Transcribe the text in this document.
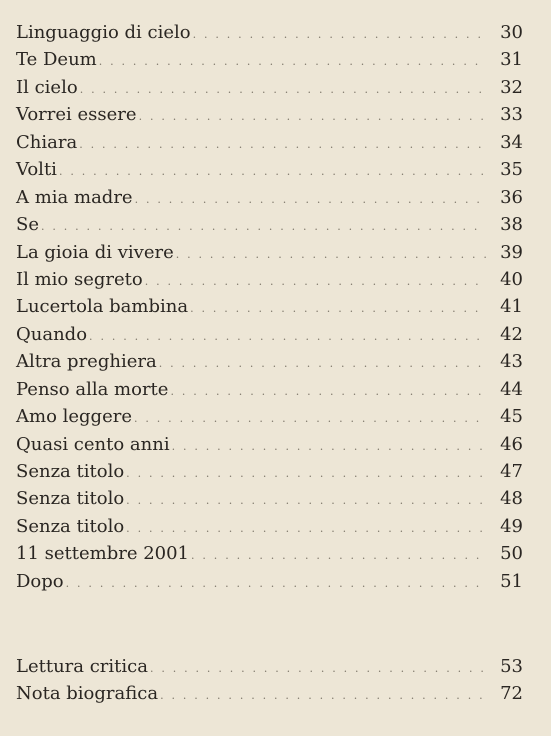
Linguaggio di cielo . . .	30
Te Deum . . .	31
Il cielo . . .	32
Vorrei essere . . .	33
Chiara . . .	34
Volti . . .	35
A mia madre . . .	36
Se . . .	38
La gioia di vivere . . .	39
Il mio segreto . . .	40
Lucertola bambina . . .	41
Quando . . .	42
Altra preghiera . . .	43
Penso alla morte . . .	44
Amo leggere . . .	45
Quasi cento anni . . .	46
Senza titolo . . .	47
Senza titolo . . .	48
Senza titolo . . .	49
11 settembre 2001 . . .	50
Dopo . . .	51
Lettura critica . . .	53
Nota biografica . . .	72
